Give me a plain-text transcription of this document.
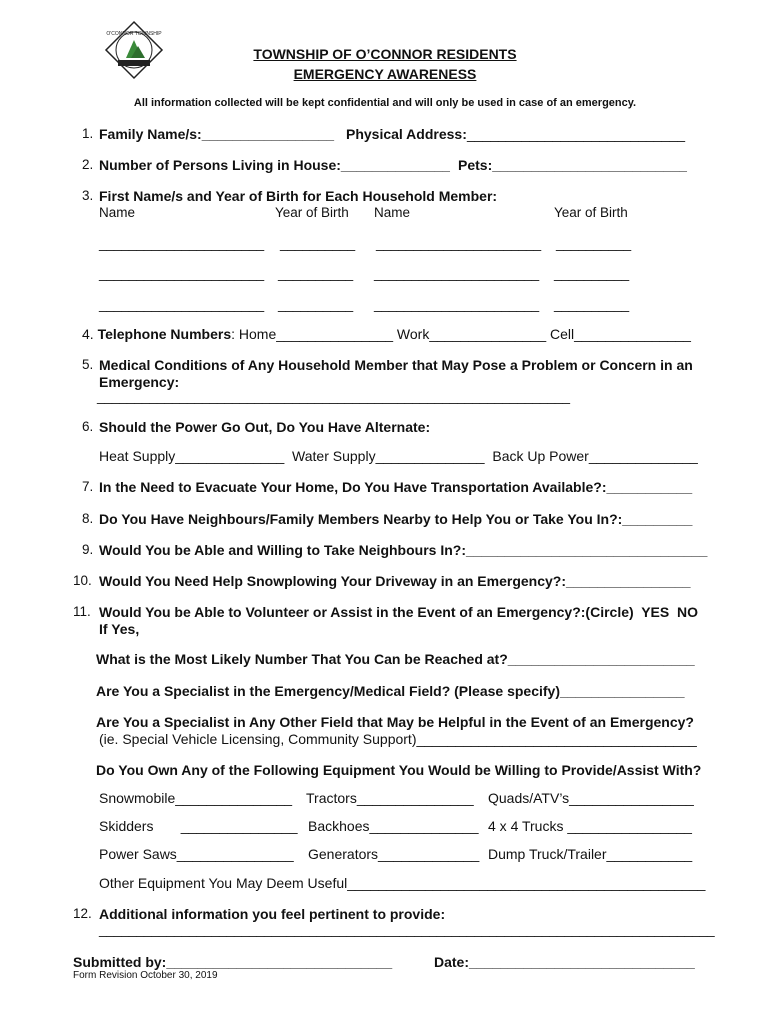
O'CONNOR TOWNSHIP
TOWNSHIP OF O’CONNOR RESIDENTS
EMERGENCY AWARENESS
All information collected will be kept confidential and will only be used in case of an emergency.
1. Family Name/s:_________________ Physical Address: ____________________________
2. Number of Persons Living in House:______________ Pets:_________________________
3. First Name/s and Year of Birth for Each Household Member:
Name	Year of Birth Name	Year of Birth
______________________ __________ ______________________ __________
______________________ __________ ______________________ __________
______________________ __________ ______________________ __________
4. Telephone Numbers: Home_______________ Work_______________ Cell_______________
5. Medical Conditions of Any Household Member that May Pose a Problem or Concern in an
Emergency:
_______________________________________________________________
6. Should the Power Go Out, Do You Have Alternate:
Heat Supply______________  Water Supply______________  Back Up Power______________
7. In the Need to Evacuate Your Home, Do You Have Transportation Available?:___________
8. Do You Have Neighbours/Family Members Nearby to Help You or Take You In?:_________
9. Would You be Able and Willing to Take Neighbours In?:_______________________________
10. Would You Need Help Snowplowing Your Driveway in an Emergency?:________________
11. Would You be Able to Volunteer or Assist in the Event of an Emergency?:(Circle)  YES  NO
If Yes,
What is the Most Likely Number That You Can be Reached at?________________________
Are You a Specialist in the Emergency/Medical Field? (Please specify)________________
Are You a Specialist in Any Other Field that May be Helpful in the Event of an Emergency?
(ie. Special Vehicle Licensing, Community Support)____________________________________
Do You Own Any of the Following Equipment You Would be Willing to Provide/Assist With?
Snowmobile_______________ Tractors_______________ Quads/ATV’s________________
Skidders       _______________ Backhoes______________ 4 x 4 Trucks ________________
Power Saws_______________ Generators_____________ Dump Truck/Trailer___________
Other Equipment You May Deem Useful______________________________________________
12. Additional information you feel pertinent to provide:
__________________________________________________________________________________
Submitted by:_____________________________	Date:_____________________________
Form Revision October 30, 2019
